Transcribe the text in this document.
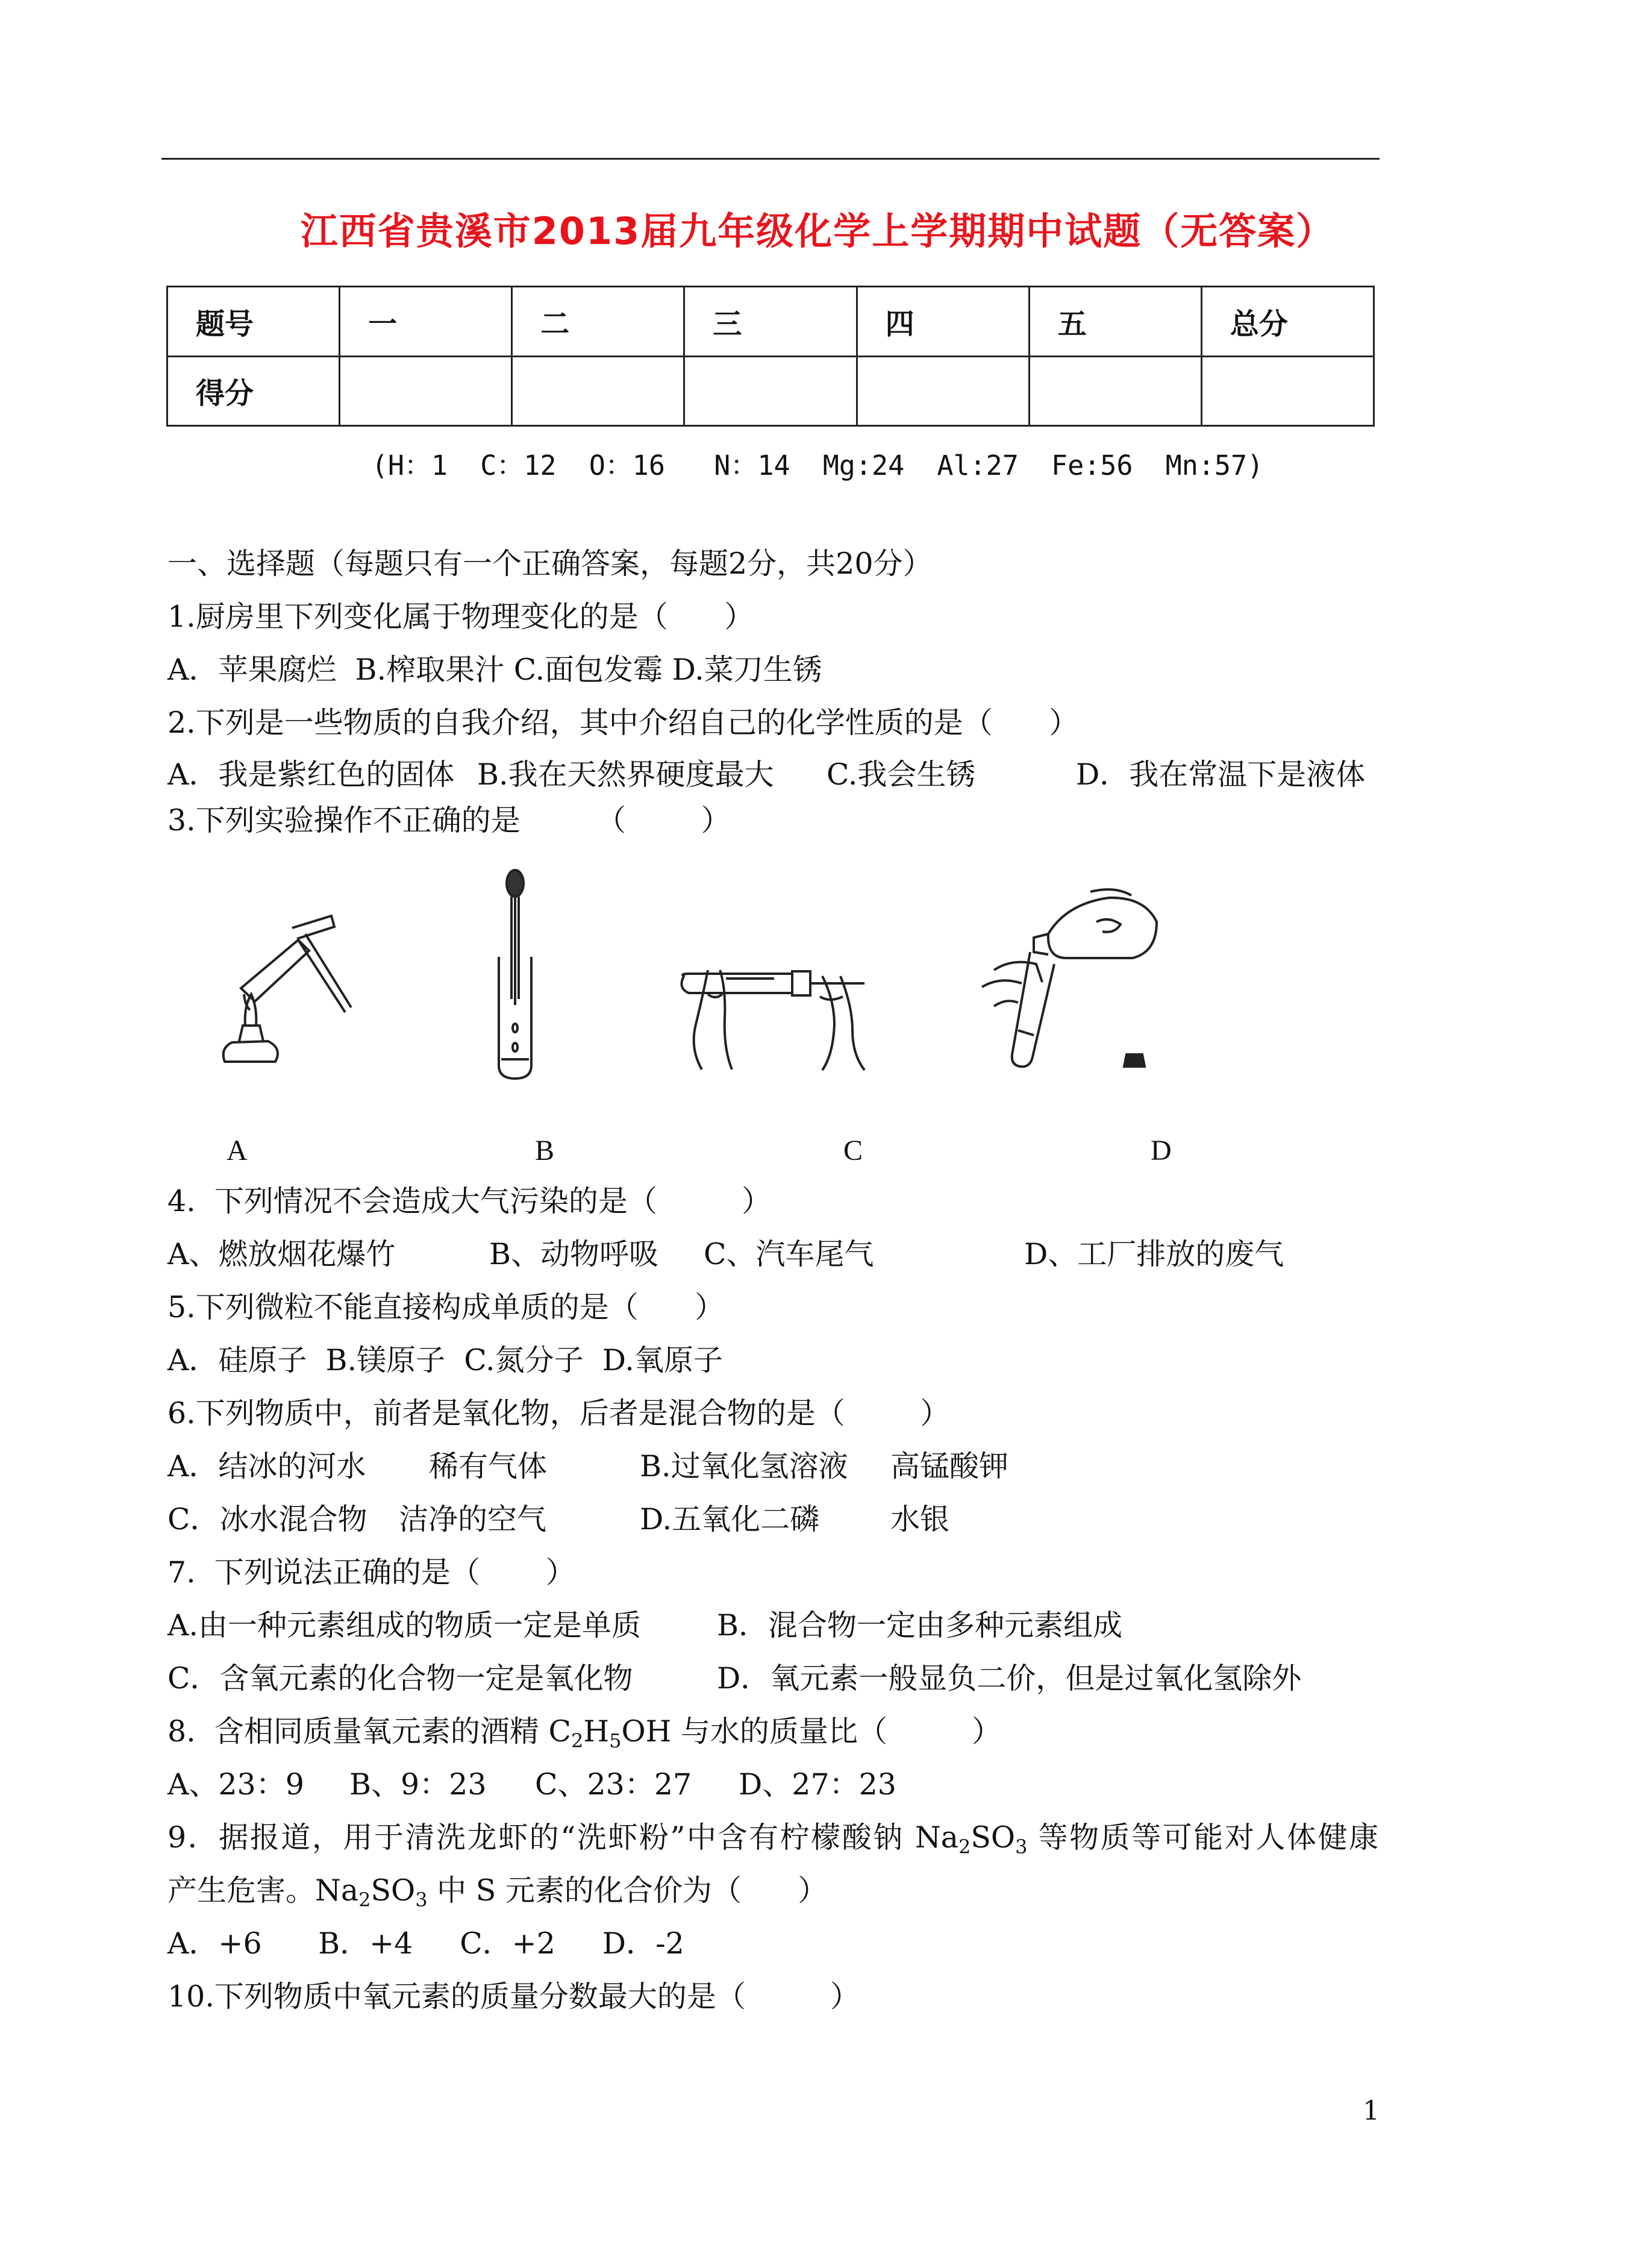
江西省贵溪市2013届九年级化学上学期期中试题（无答案）
题号	一	二	三	四	五	总分
得分						
(H：1  C：12  O：16   N：14  Mg:24  Al:27  Fe:56  Mn:57)
一、选择题（每题只有一个正确答案，每题2分，共20分）
1.厨房里下列变化属于物理变化的是（      ）
A．苹果腐烂  B.榨取果汁 C.面包发霉 D.菜刀生锈
2.下列是一些物质的自我介绍，其中介绍自己的化学性质的是（      ）
A．我是紫红色的固体 B.我在天然界硬度最大 C.我会生锈	D．我在常温下是液体
3.下列实验操作不正确的是	（        ）
A	B	C	D
4.  下列情况不会造成大气污染的是（         ）
A、燃放烟花爆竹	B、动物呼吸 C、汽车尾气	D、工厂排放的废气
5.下列微粒不能直接构成单质的是（      ）
A．硅原子  B.镁原子  C.氮分子  D.氧原子
6.下列物质中，前者是氧化物，后者是混合物的是（        ）
A．结冰的河水 稀有气体	B.过氧化氢溶液 高锰酸钾
C．冰水混合物 洁净的空气	D.五氧化二磷 水银
7.  下列说法正确的是（       ）
A.由一种元素组成的物质一定是单质	B．混合物一定由多种元素组成
C．含氧元素的化合物一定是氧化物	D．氧元素一般显负二价，但是过氧化氢除外
8.  含相同质量氧元素的酒精 $C_2H_5OH$ 与水的质量比（         ）
A、23：9 B、9：23 C、23：27 D、27：23
9．据报道，用于清洗龙虾的“洗虾粉”中含有柠檬酸钠 $Na_2SO_3$ 等物质等可能对人体健康
产生危害。$Na_2SO_3$ 中 S 元素的化合价为（      ）
A．+6      B．+4     C．+2     D．-2
10.下列物质中氧元素的质量分数最大的是（         ）
1
